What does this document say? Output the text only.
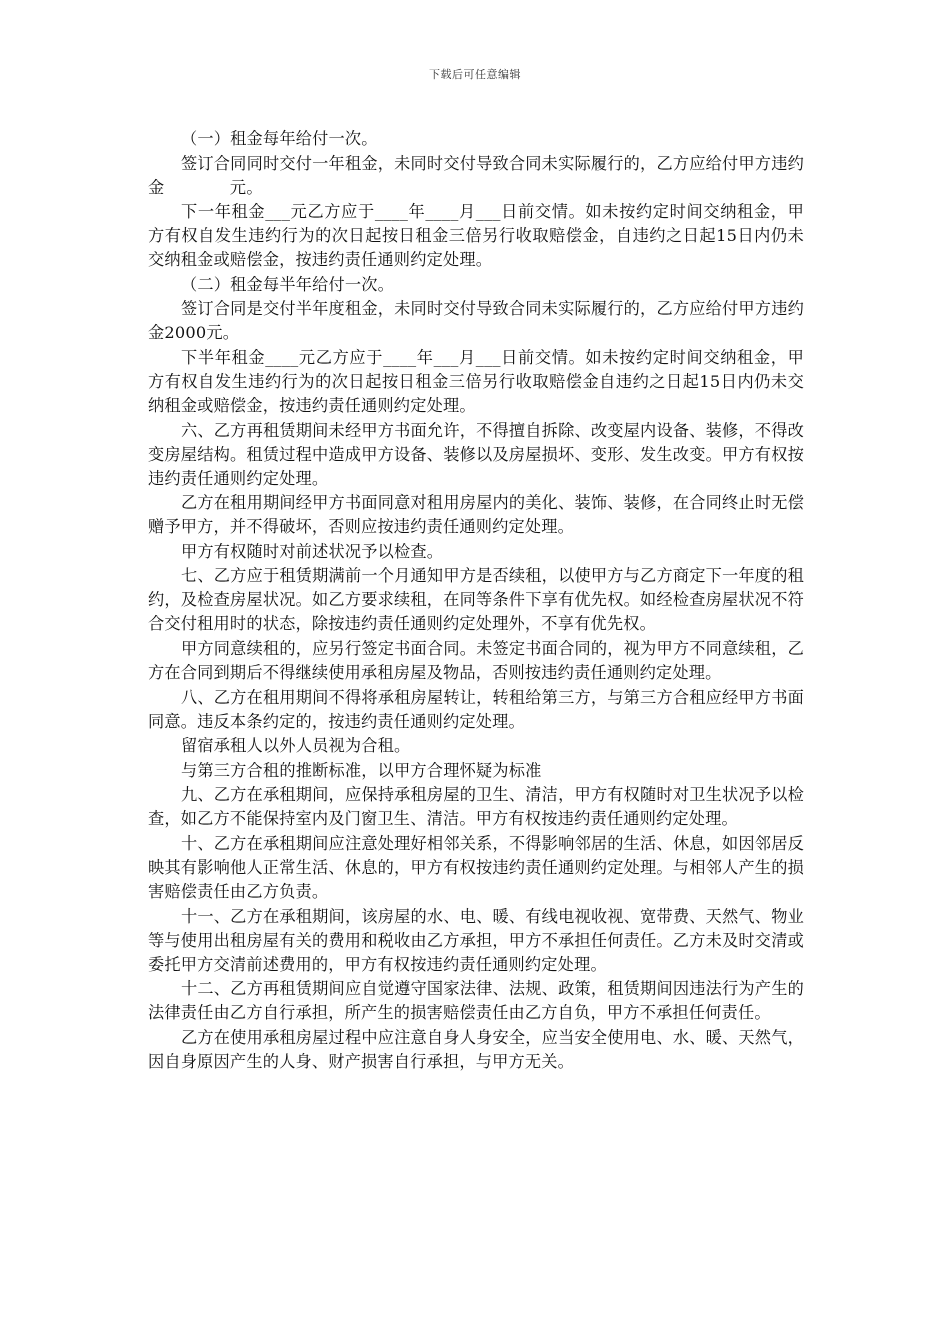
下载后可任意编辑

（一）租金每年给付一次。

签订合同同时交付一年租金，未同时交付导致合同未实际履行的，乙方应给付甲方违约金　　　　元。

下一年租金___元乙方应于____年____月___日前交情。如未按约定时间交纳租金，甲方有权自发生违约行为的次日起按日租金三倍另行收取赔偿金，自违约之日起15日内仍未交纳租金或赔偿金，按违约责任通则约定处理。

（二）租金每半年给付一次。

签订合同是交付半年度租金，未同时交付导致合同未实际履行的，乙方应给付甲方违约金2000元。

下半年租金____元乙方应于____年___月___日前交情。如未按约定时间交纳租金，甲方有权自发生违约行为的次日起按日租金三倍另行收取赔偿金自违约之日起15日内仍未交纳租金或赔偿金，按违约责任通则约定处理。

六、乙方再租赁期间未经甲方书面允许，不得擅自拆除、改变屋内设备、装修，不得改变房屋结构。租赁过程中造成甲方设备、装修以及房屋损坏、变形、发生改变。甲方有权按违约责任通则约定处理。

乙方在租用期间经甲方书面同意对租用房屋内的美化、装饰、装修，在合同终止时无偿赠予甲方，并不得破坏，否则应按违约责任通则约定处理。

甲方有权随时对前述状况予以检查。

七、乙方应于租赁期满前一个月通知甲方是否续租，以使甲方与乙方商定下一年度的租约，及检查房屋状况。如乙方要求续租，在同等条件下享有优先权。如经检查房屋状况不符合交付租用时的状态，除按违约责任通则约定处理外，不享有优先权。

甲方同意续租的，应另行签定书面合同。未签定书面合同的，视为甲方不同意续租，乙方在合同到期后不得继续使用承租房屋及物品，否则按违约责任通则约定处理。

八、乙方在租用期间不得将承租房屋转让，转租给第三方，与第三方合租应经甲方书面同意。违反本条约定的，按违约责任通则约定处理。

留宿承租人以外人员视为合租。

与第三方合租的推断标准，以甲方合理怀疑为标准

九、乙方在承租期间，应保持承租房屋的卫生、清洁，甲方有权随时对卫生状况予以检查，如乙方不能保持室内及门窗卫生、清洁。甲方有权按违约责任通则约定处理。

十、乙方在承租期间应注意处理好相邻关系，不得影响邻居的生活、休息，如因邻居反映其有影响他人正常生活、休息的，甲方有权按违约责任通则约定处理。与相邻人产生的损害赔偿责任由乙方负责。

十一、乙方在承租期间，该房屋的水、电、暖、有线电视收视、宽带费、天然气、物业等与使用出租房屋有关的费用和税收由乙方承担，甲方不承担任何责任。乙方未及时交清或委托甲方交清前述费用的，甲方有权按违约责任通则约定处理。

十二、乙方再租赁期间应自觉遵守国家法律、法规、政策，租赁期间因违法行为产生的法律责任由乙方自行承担，所产生的损害赔偿责任由乙方自负，甲方不承担任何责任。

乙方在使用承租房屋过程中应注意自身人身安全，应当安全使用电、水、暖、天然气，因自身原因产生的人身、财产损害自行承担，与甲方无关。
